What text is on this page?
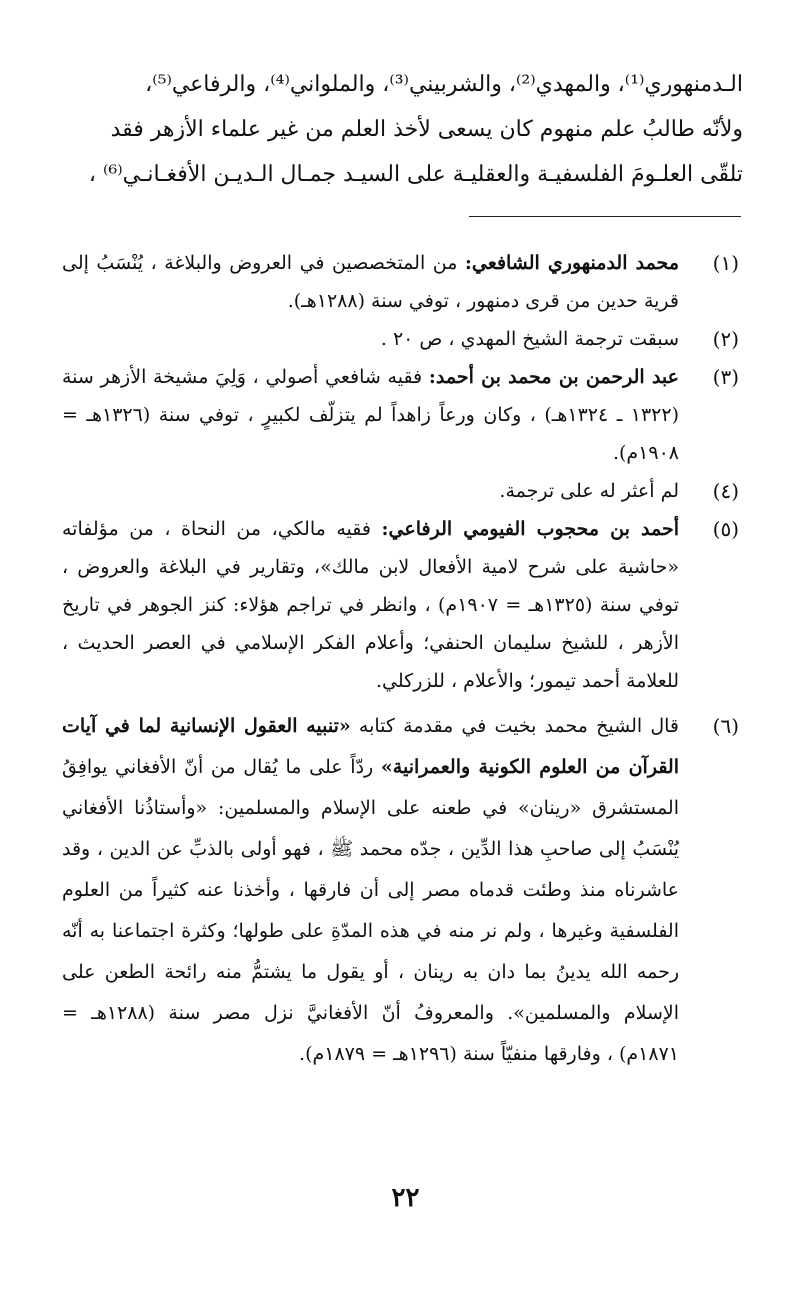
الـدمنهوري⁽¹⁾، والمهدي⁽²⁾، والشربيني⁽³⁾، والملواني⁽⁴⁾، والرفاعي⁽⁵⁾،

ولأنّه طالبُ علم منهوم كان يسعى لأخذ العلم من غير علماء الأزهر فقد

تلقّى العلـومَ الفلسفيـة والعقليـة على السيـد جمـال الـديـن الأفغـانـي⁽⁶⁾ ،

(١)
محمد الدمنهوري الشافعي: من المتخصصين في العروض والبلاغة ، يُنْسَبُ إلى قرية حدين من قرى دمنهور ، توفي سنة (١٢٨٨هـ).
(٢)
سبقت ترجمة الشيخ المهدي ، ص ٢٠ .
(٣)
عبد الرحمن بن محمد بن أحمد: فقيه شافعي أصولي ، وَلِيَ مشيخة الأزهر سنة (١٣٢٢ ـ ١٣٢٤هـ) ، وكان ورعاً زاهداً لم يتزلّف لكبيرٍ ، توفي سنة (١٣٢٦هـ = ١٩٠٨م).
(٤)
لم أعثر له على ترجمة.
(٥)
أحمد بن محجوب الفيومي الرفاعي: فقيه مالكي، من النحاة ، من مؤلفاته «حاشية على شرح لامية الأفعال لابن مالك»، وتقارير في البلاغة والعروض ، توفي سنة (١٣٢٥هـ = ١٩٠٧م) ، وانظر في تراجم هؤلاء: كنز الجوهر في تاريخ الأزهر ، للشيخ سليمان الحنفي؛ وأعلام الفكر الإسلامي في العصر الحديث ، للعلامة أحمد تيمور؛ والأعلام ، للزركلي.
(٦)
قال الشيخ محمد بخيت في مقدمة كتابه «تنبيه العقول الإنسانية لما في آيات القرآن من العلوم الكونية والعمرانية» ردّاً على ما يُقال من أنّ الأفغاني يوافِقُ المستشرق «رينان» في طعنه على الإسلام والمسلمين: «وأستاذُنا الأفغاني يُنْسَبُ إلى صاحبِ هذا الدِّين ، جدّه محمد ﷺ ، فهو أولى بالذبِّ عن الدين ، وقد عاشرناه منذ وطئت قدماه مصر إلى أن فارقها ، وأخذنا عنه كثيراً من العلوم الفلسفية وغيرها ، ولم نر منه في هذه المدّةِ على طولها؛ وكثرة اجتماعنا به أنّه رحمه الله يدينُ بما دان به رينان ، أو يقول ما يشتمُّ منه رائحة الطعن على الإسلام والمسلمين». والمعروفُ أنّ الأفغانيَّ نزل مصر سنة (١٢٨٨هـ = ١٨٧١م) ، وفارقها منفيّاً سنة (١٢٩٦هـ = ١٨٧٩م).
٢٢
